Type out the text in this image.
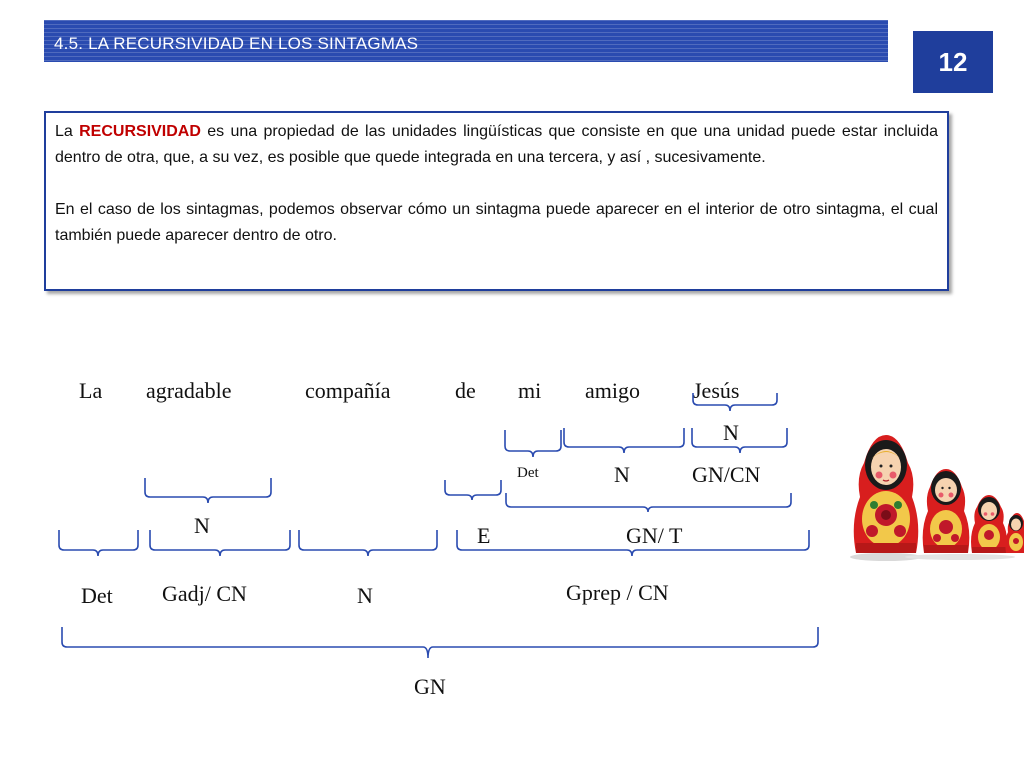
4.5. LA RECURSIVIDAD EN LOS SINTAGMAS
12

La RECURSIVIDAD es una propiedad de las unidades lingüísticas que consiste en que una unidad puede estar incluida dentro de otra, que, a su vez, es posible que quede integrada en una tercera, y así , sucesivamente.

En el caso de los sintagmas, podemos observar cómo un sintagma puede aparecer en el interior de otro sintagma, el cual también puede aparecer dentro de otro.

La agradable	compañía	de mi amigo Jesús
N
Det	N	GN/CN
N	E	GN/ T
Det Gadj/ CN	N	Gprep / CN
GN
